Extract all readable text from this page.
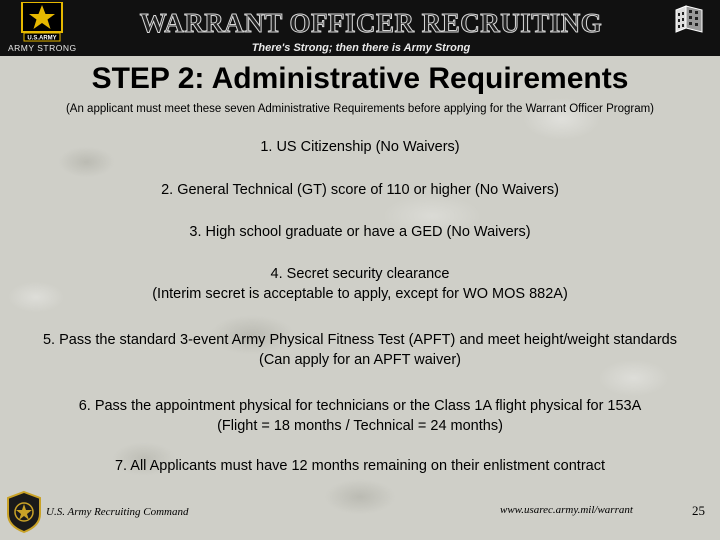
U.S.ARMY
ARMY STRONG
WARRANT OFFICER RECRUITING
There's Strong; then there is Army Strong
STEP 2: Administrative Requirements
(An applicant must meet these seven Administrative Requirements before applying for the Warrant Officer Program)
1. US Citizenship (No Waivers)
2. General Technical (GT) score of 110 or higher (No Waivers)
3. High school graduate or have a GED (No Waivers)
4. Secret security clearance
(Interim secret is acceptable to apply, except for WO MOS 882A)
5. Pass the standard 3-event Army Physical Fitness Test (APFT) and meet height/weight standards
(Can apply for an APFT waiver)
6. Pass the appointment physical for technicians or the Class 1A flight physical for 153A
(Flight = 18 months / Technical = 24 months)
7. All Applicants must have 12 months remaining on their enlistment contract
U.S. Army Recruiting Command	www.usarec.army.mil/warrant	25
